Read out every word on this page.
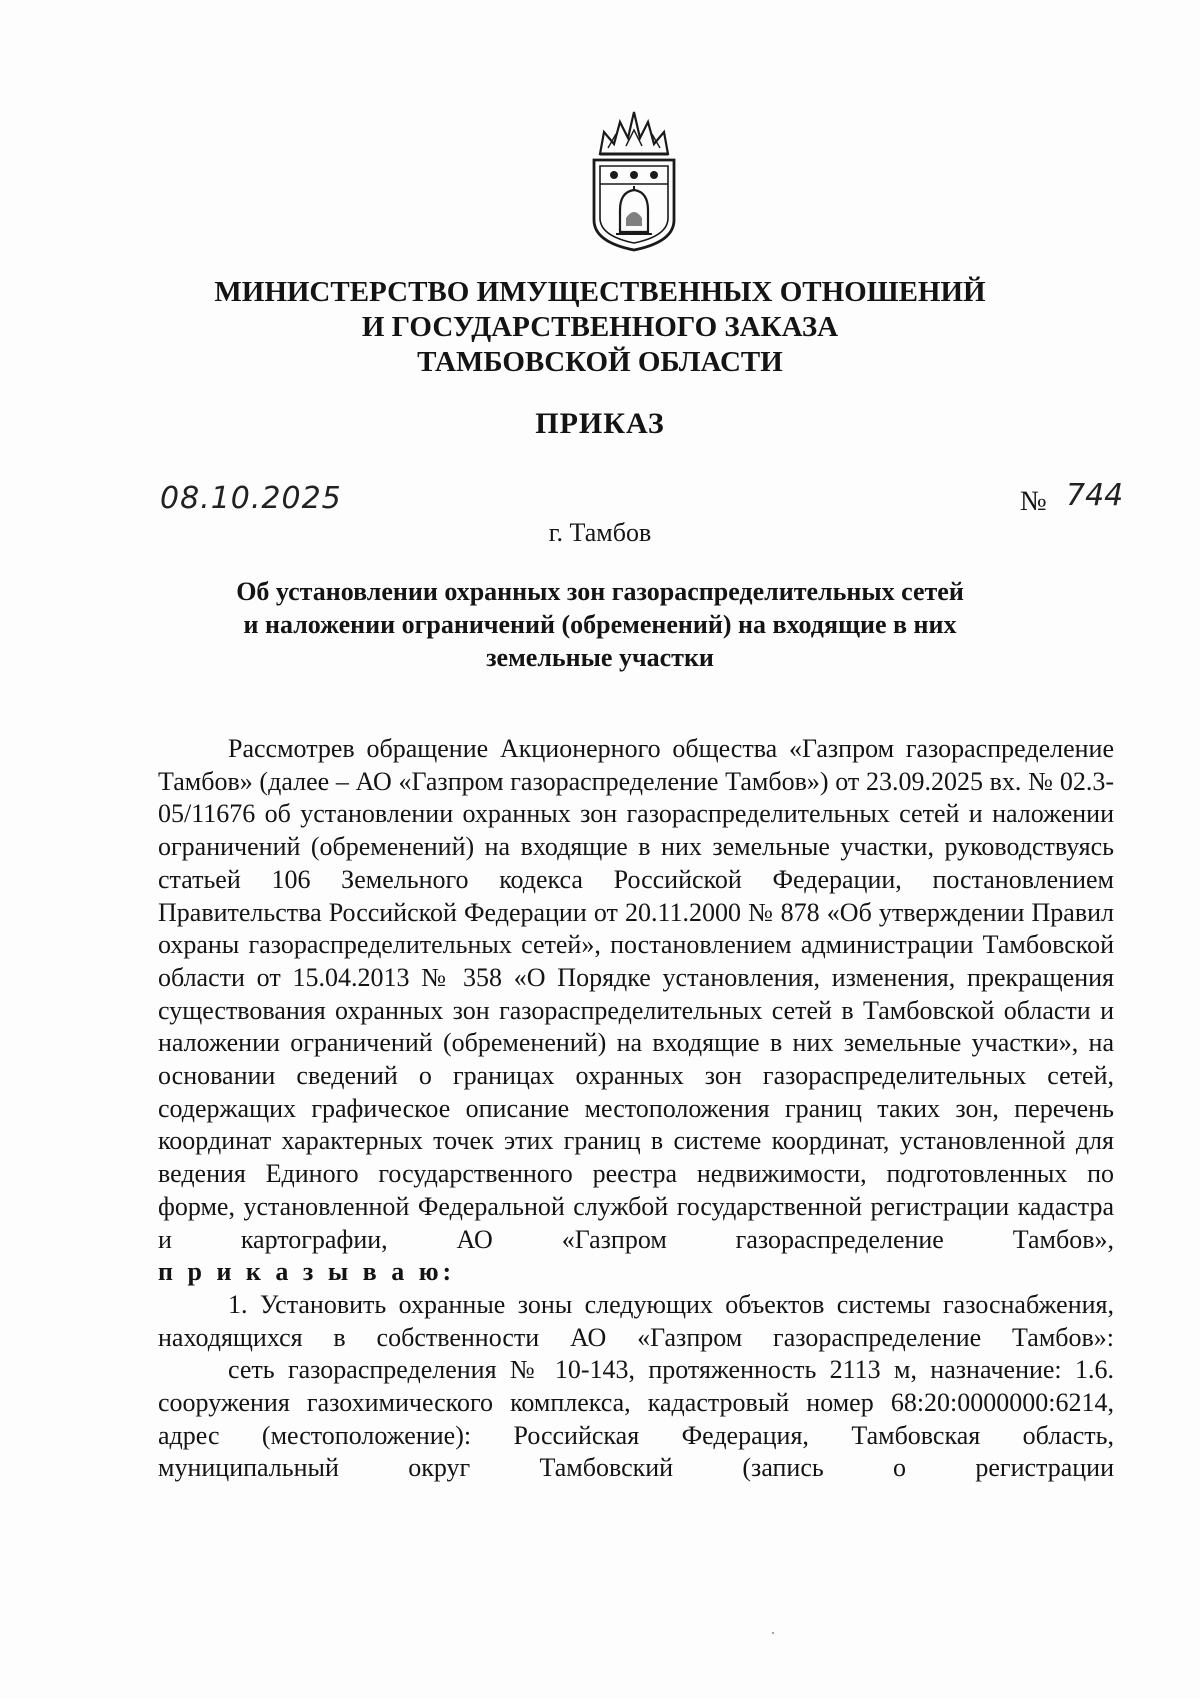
МИНИСТЕРСТВО ИМУЩЕСТВЕННЫХ ОТНОШЕНИЙ
И ГОСУДАРСТВЕННОГО ЗАКАЗА
ТАМБОВСКОЙ ОБЛАСТИ
ПРИКАЗ
08.10.2025	№ 744
г. Тамбов
Об установлении охранных зон газораспределительных сетей
и наложении ограничений (обременений) на входящие в них
земельные участки

Рассмотрев обращение Акционерного общества «Газпром газораспределение Тамбов» (далее – АО «Газпром газораспределение Тамбов») от 23.09.2025 вх. № 02.3-05/11676 об установлении охранных зон газораспределительных сетей и наложении ограничений (обременений) на входящие в них земельные участки, руководствуясь статьей 106 Земельного кодекса Российской Федерации, постановлением Правительства Российской Федерации от 20.11.2000 № 878 «Об утверждении Правил охраны газораспределительных сетей», постановлением администрации Тамбовской области от 15.04.2013 № 358 «О Порядке установления, изменения, прекращения существования охранных зон газораспределительных сетей в Тамбовской области и наложении ограничений (обременений) на входящие в них земельные участки», на основании сведений о границах охранных зон газораспределительных сетей, содержащих графическое описание местоположения границ таких зон, перечень координат характерных точек этих границ в системе координат, установленной для ведения Единого государственного реестра недвижимости, подготовленных по форме, установленной Федеральной службой государственной регистрации кадастра и картографии, АО «Газпром газораспределение Тамбов»,

п р и к а з ы в а ю:

1. Установить охранные зоны следующих объектов системы газоснабжения, находящихся в собственности АО «Газпром газораспределение Тамбов»:

сеть газораспределения № 10-143, протяженность 2113 м, назначение: 1.6. сооружения газохимического комплекса, кадастровый номер 68:20:0000000:6214, адрес (местоположение): Российская Федерация, Тамбовская область, муниципальный округ Тамбовский (запись о регистрации
